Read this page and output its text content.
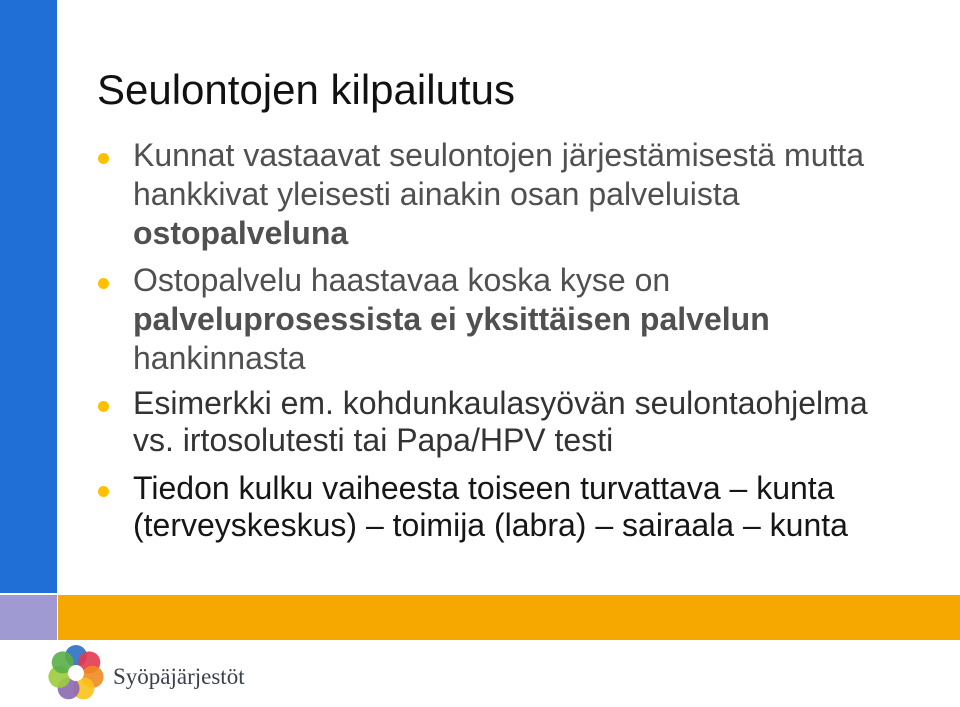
Seulontojen kilpailutus
Kunnat vastaavat seulontojen järjestämisestä mutta
hankkivat yleisesti ainakin osan palveluista
ostopalveluna
Ostopalvelu haastavaa koska kyse on
palveluprosessista ei yksittäisen palvelun
hankinnasta
Esimerkki em. kohdunkaulasyövän seulontaohjelma
vs. irtosolutesti tai Papa/HPV testi
Tiedon kulku vaiheesta toiseen turvattava – kunta
(terveyskeskus) – toimija (labra) – sairaala – kunta
Syöpäjärjestöt
